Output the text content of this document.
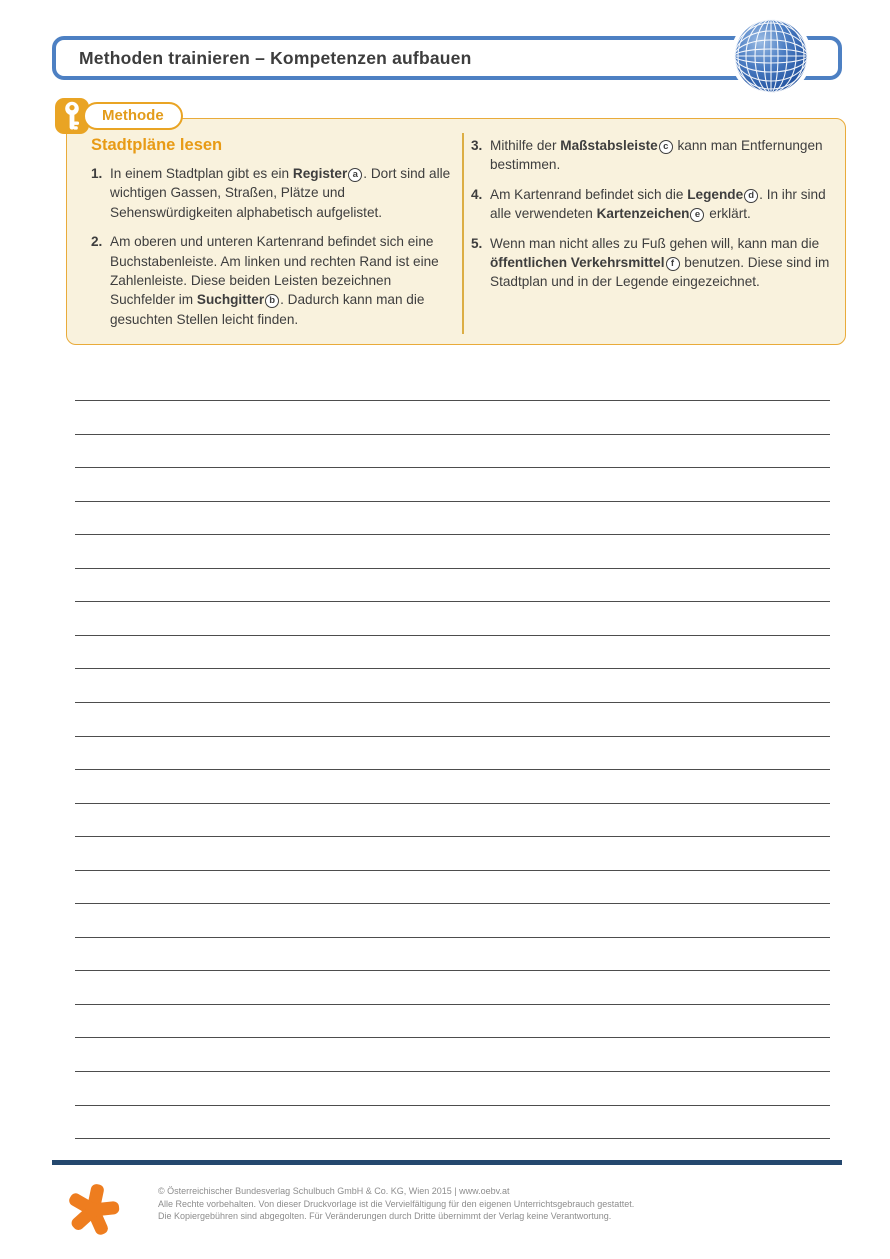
Methoden trainieren – Kompetenzen aufbauen
Methode
Stadtpläne lesen
1. In einem Stadtplan gibt es ein Register a . Dort sind alle wichtigen Gassen, Straßen, Plätze und Sehenswürdigkeiten alphabetisch aufgelistet.
2. Am oberen und unteren Kartenrand befindet sich eine Buchstabenleiste. Am linken und rechten Rand ist eine Zahlenleiste. Diese beiden Leisten bezeichnen Suchfelder im Suchgitter b . Dadurch kann man die gesuchten Stellen leicht finden.
3. Mithilfe der Maßstabsleiste c kann man Entfernungen bestimmen.
4. Am Kartenrand befindet sich die Legende d . In ihr sind alle verwendeten Kartenzeichen e erklärt.
5. Wenn man nicht alles zu Fuß gehen will, kann man die öffentlichen Verkehrsmittel f benutzen. Diese sind im Stadtplan und in der Legende eingezeichnet.
© Österreichischer Bundesverlag Schulbuch GmbH & Co. KG, Wien 2015 | www.oebv.at
Alle Rechte vorbehalten. Von dieser Druckvorlage ist die Vervielfältigung für den eigenen Unterrichtsgebrauch gestattet.
Die Kopiergebühren sind abgegolten. Für Veränderungen durch Dritte übernimmt der Verlag keine Verantwortung.
